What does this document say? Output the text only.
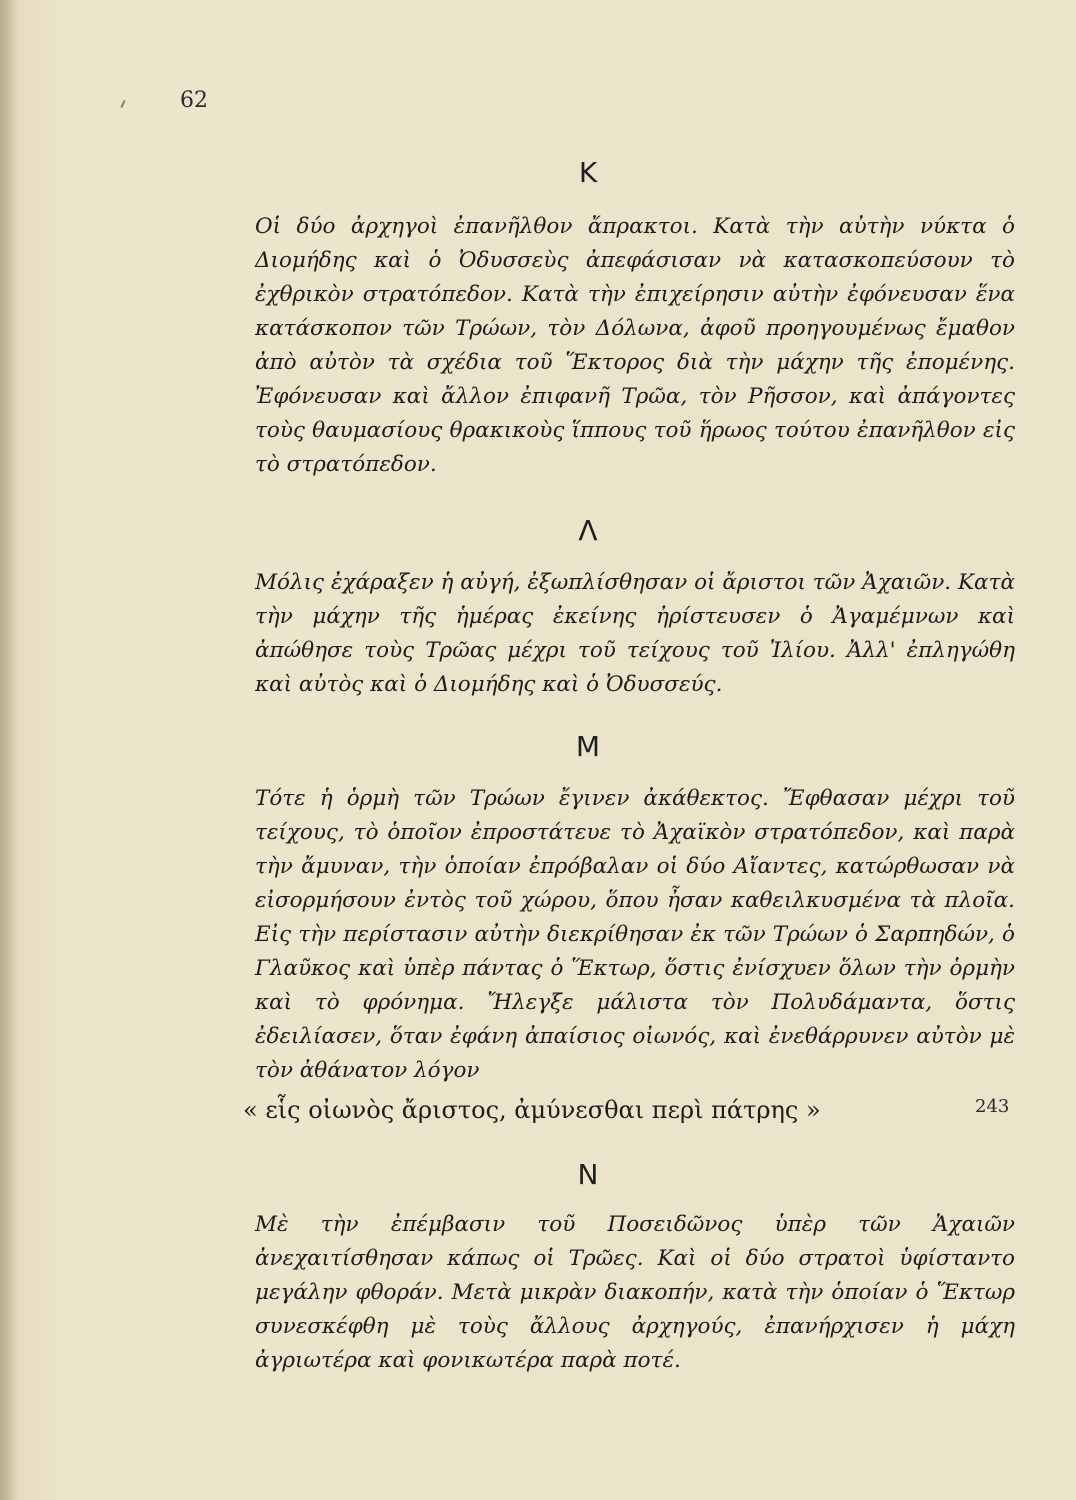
62
K

Οἱ δύο ἀρχηγοὶ ἐπανῆλθον ἄπρακτοι. Κατὰ τὴν αὐτὴν νύκτα ὁ Διομήδης καὶ ὁ Ὀδυσσεὺς ἀπεφάσισαν νὰ κατασκοπεύσουν τὸ ἐχθρικὸν στρατόπεδον. Κατὰ τὴν ἐπιχείρησιν αὐτὴν ἐφόνευσαν ἕνα κατάσκοπον τῶν Τρώων, τὸν Δόλωνα, ἀφοῦ προηγουμένως ἔμαθον ἀπὸ αὐτὸν τὰ σχέδια τοῦ Ἕκτορος διὰ τὴν μάχην τῆς ἐπομένης. Ἐφόνευσαν καὶ ἄλλον ἐπιφανῆ Τρῶα, τὸν Ρῆσσον, καὶ ἀπάγοντες τοὺς θαυμασίους θρακικοὺς ἵππους τοῦ ἥρωος τούτου ἐπανῆλθον εἰς τὸ στρατόπεδον.

Λ

Μόλις ἐχάραξεν ἡ αὐγή, ἐξωπλίσθησαν οἱ ἄριστοι τῶν Ἀχαιῶν. Κατὰ τὴν μάχην τῆς ἡμέρας ἐκείνης ἠρίστευσεν ὁ Ἀγαμέμνων καὶ ἀπώθησε τοὺς Τρῶας μέχρι τοῦ τείχους τοῦ Ἰλίου. Ἀλλ' ἐπληγώθη καὶ αὐτὸς καὶ ὁ Διομήδης καὶ ὁ Ὀδυσσεύς.

Μ

Τότε ἡ ὁρμὴ τῶν Τρώων ἔγινεν ἀκάθεκτος. Ἔφθασαν μέχρι τοῦ τείχους, τὸ ὁποῖον ἐπροστάτευε τὸ Ἀχαϊκὸν στρατόπεδον, καὶ παρὰ τὴν ἄμυναν, τὴν ὁποίαν ἐπρόβαλαν οἱ δύο Αἴαντες, κατώρθωσαν νὰ εἰσορμήσουν ἐντὸς τοῦ χώρου, ὅπου ἦσαν καθειλκυσμένα τὰ πλοῖα. Εἰς τὴν περίστασιν αὐτὴν διεκρίθησαν ἐκ τῶν Τρώων ὁ Σαρπηδών, ὁ Γλαῦκος καὶ ὑπὲρ πάντας ὁ Ἕκτωρ, ὅστις ἐνίσχυεν ὅλων τὴν ὁρμὴν καὶ τὸ φρόνημα. Ἤλεγξε μάλιστα τὸν Πολυδάμαντα, ὅστις ἐδειλίασεν, ὅταν ἐφάνη ἀπαίσιος οἰωνός, καὶ ἐνεθάρρυνεν αὐτὸν μὲ τὸν ἀθάνατον λόγον

« εἷς οἰωνὸς ἄριστος, ἀμύνεσθαι περὶ πάτρης »	243
Ν

Μὲ τὴν ἐπέμβασιν τοῦ Ποσειδῶνος ὑπὲρ τῶν Ἀχαιῶν ἀνεχαιτίσθησαν κάπως οἱ Τρῶες. Καὶ οἱ δύο στρατοὶ ὑφίσταντο μεγάλην φθοράν. Μετὰ μικρὰν διακοπήν, κατὰ τὴν ὁποίαν ὁ Ἕκτωρ συνεσκέφθη μὲ τοὺς ἄλλους ἀρχηγούς, ἐπανήρχισεν ἡ μάχη ἀγριωτέρα καὶ φονικωτέρα παρὰ ποτέ.
